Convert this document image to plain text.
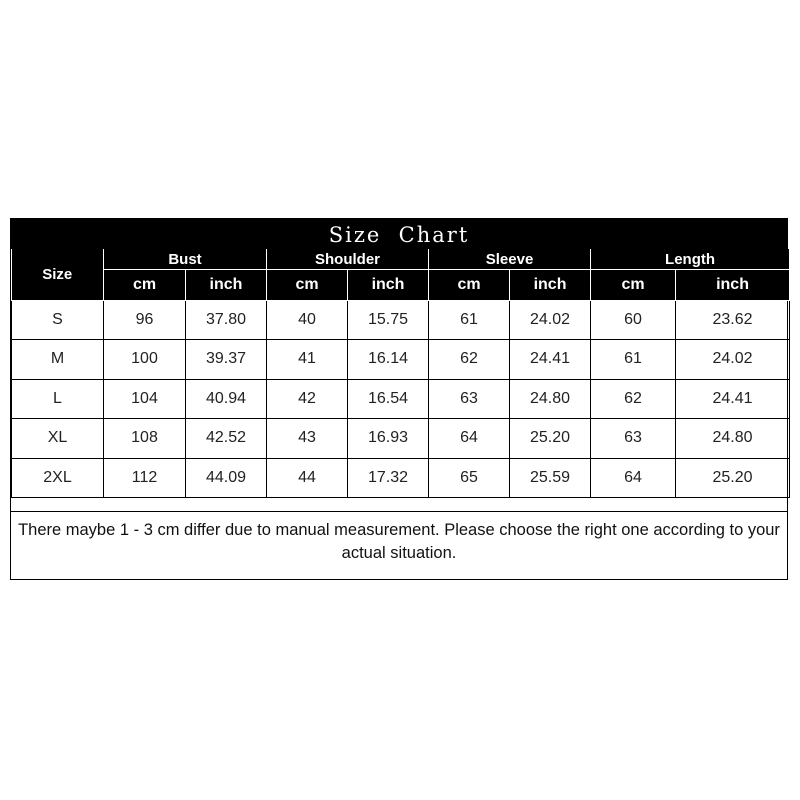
Size  Chart
Size	Bust		Shoulder		Sleeve		Length	
	cm	inch	cm	inch	cm	inch	cm	inch
S	96	37.80	40	15.75	61	24.02	60	23.62
M	100	39.37	41	16.14	62	24.41	61	24.02
L	104	40.94	42	16.54	63	24.80	62	24.41
XL	108	42.52	43	16.93	64	25.20	63	24.80
2XL	112	44.09	44	17.32	65	25.59	64	25.20
There maybe 1 - 3 cm differ due to manual measurement. Please choose the right one according to your actual situation.
